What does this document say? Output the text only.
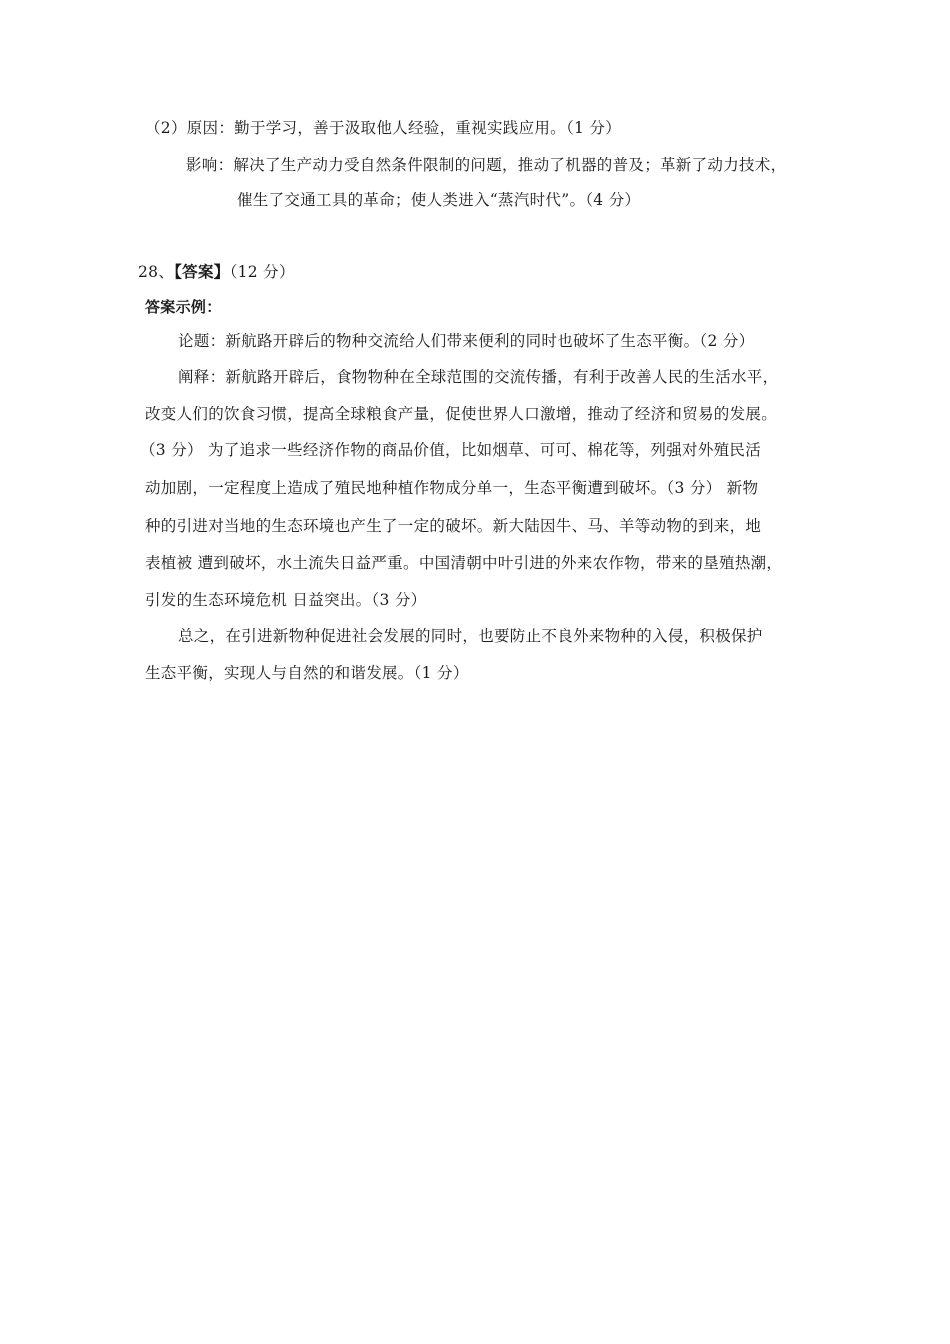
（2）原因：勤于学习，善于汲取他人经验，重视实践应用。（1 分）
影响：解决了生产动力受自然条件限制的问题，推动了机器的普及；革新了动力技术，
催生了交通工具的革命；使人类进入“蒸汽时代”。（4 分）
28、【答案】（12 分）
答案示例：
论题：新航路开辟后的物种交流给人们带来便利的同时也破坏了生态平衡。（2 分）
阐释：新航路开辟后，食物物种在全球范围的交流传播，有利于改善人民的生活水平，
改变人们的饮食习惯，提高全球粮食产量，促使世界人口激增，推动了经济和贸易的发展。
（3 分） 为了追求一些经济作物的商品价值，比如烟草、可可、棉花等，列强对外殖民活
动加剧，一定程度上造成了殖民地种植作物成分单一，生态平衡遭到破坏。（3 分） 新物
种的引进对当地的生态环境也产生了一定的破坏。新大陆因牛、马、羊等动物的到来，地
表植被 遭到破坏，水土流失日益严重。中国清朝中叶引进的外来农作物，带来的垦殖热潮，
引发的生态环境危机 日益突出。（3 分）
总之，在引进新物种促进社会发展的同时，也要防止不良外来物种的入侵，积极保护
生态平衡，实现人与自然的和谐发展。（1 分）
